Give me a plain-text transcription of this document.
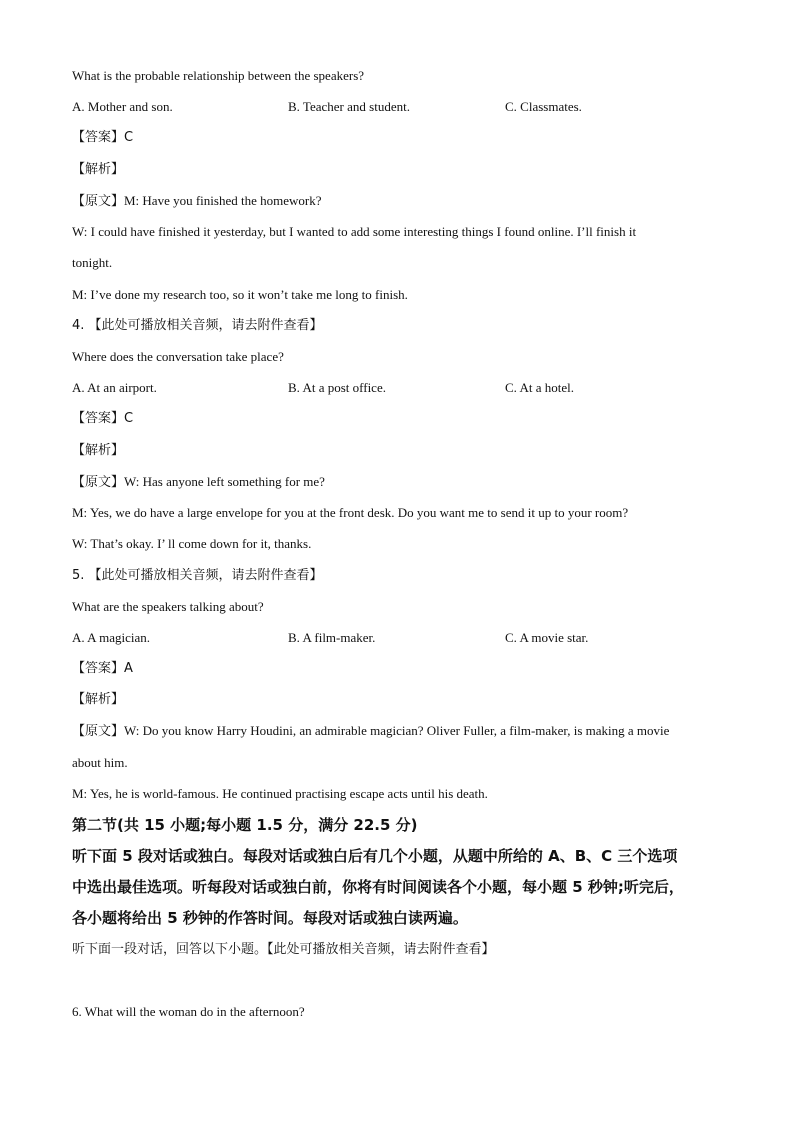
What is the probable relationship between the speakers?
A. Mother and son.	B. Teacher and student.	C. Classmates.
【答案】C
【解析】
【原文】M: Have you finished the homework?
W: I could have finished it yesterday, but I wanted to add some interesting things I found online. I’ll finish it
tonight.
M: I’ve done my research too, so it won’t take me long to finish.
4. 【此处可播放相关音频，请去附件查看】
Where does the conversation take place?
A. At an airport.	B. At a post office.	C. At a hotel.
【答案】C
【解析】
【原文】W: Has anyone left something for me?
M: Yes, we do have a large envelope for you at the front desk. Do you want me to send it up to your room?
W: That’s okay. I’ ll come down for it, thanks.
5. 【此处可播放相关音频，请去附件查看】
What are the speakers talking about?
A. A magician.	B. A film-maker.	C. A movie star.
【答案】A
【解析】
【原文】W: Do you know Harry Houdini, an admirable magician? Oliver Fuller, a film-maker, is making a movie
about him.
M: Yes, he is world-famous. He continued practising escape acts until his death.
第二节(共 15 小题;每小题 1.5 分，满分 22.5 分)
听下面 5 段对话或独白。每段对话或独白后有几个小题，从题中所给的 A、B、C 三个选项
中选出最佳选项。听每段对话或独白前，你将有时间阅读各个小题，每小题 5 秒钟;听完后，
各小题将给出 5 秒钟的作答时间。每段对话或独白读两遍。
听下面一段对话，回答以下小题。【此处可播放相关音频，请去附件查看】
6. What will the woman do in the afternoon?
